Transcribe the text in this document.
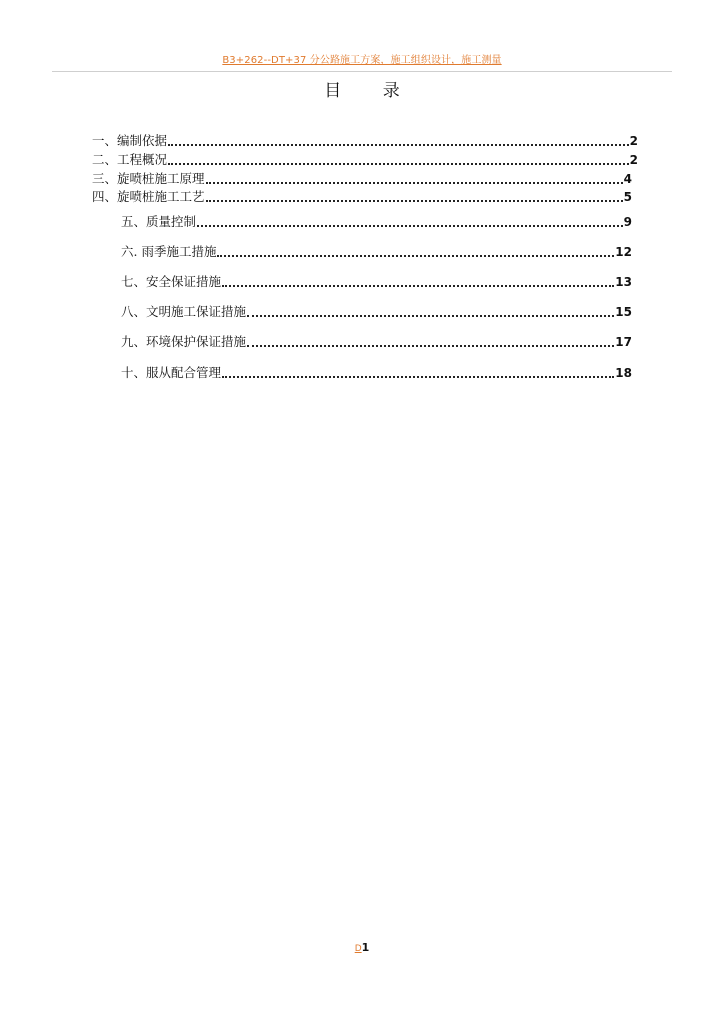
B3+262--DT+37 分公路施工方案，施工组织设计，施工测量
目 录
一、编制依据	2
二、工程概况	2
三、旋喷桩施工原理	4
四、旋喷桩施工工艺	5
五、质量控制	9
六. 雨季施工措施	12
七、安全保证措施	13
八、文明施工保证措施	15
九、环境保护保证措施	17
十、服从配合管理	18
D1
